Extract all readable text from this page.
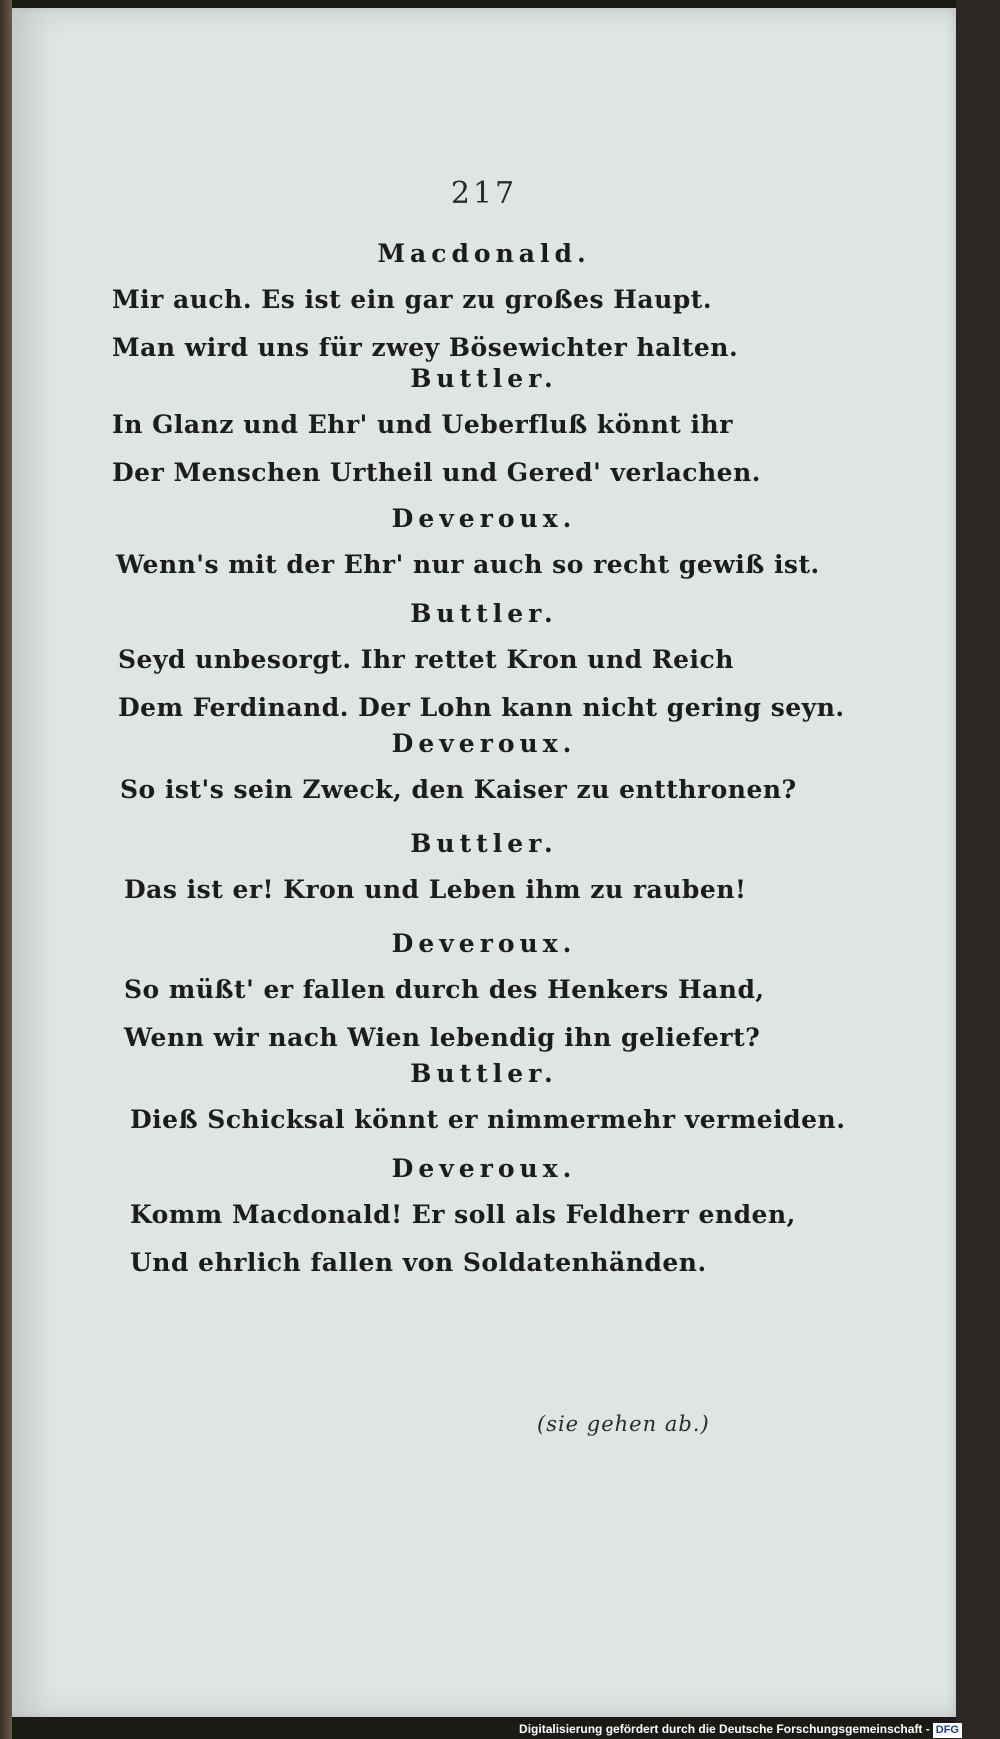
217
Macdonald.
Mir auch. Es ist ein gar zu großes Haupt.
Man wird uns für zwey Bösewichter halten.
Buttler.
In Glanz und Ehr' und Ueberfluß könnt ihr
Der Menschen Urtheil und Gered' verlachen.
Deveroux.
Wenn's mit der Ehr' nur auch so recht gewiß ist.
Buttler.
Seyd unbesorgt. Ihr rettet Kron und Reich
Dem Ferdinand. Der Lohn kann nicht gering seyn.
Deveroux.
So ist's sein Zweck, den Kaiser zu entthronen?
Buttler.
Das ist er! Kron und Leben ihm zu rauben!
Deveroux.
So müßt' er fallen durch des Henkers Hand,
Wenn wir nach Wien lebendig ihn geliefert?
Buttler.
Dieß Schicksal könnt er nimmermehr vermeiden.
Deveroux.
Komm Macdonald! Er soll als Feldherr enden,
Und ehrlich fallen von Soldatenhänden.
(sie gehen ab.)
Digitalisierung gefördert durch die Deutsche Forschungsgemeinschaft - DFG
